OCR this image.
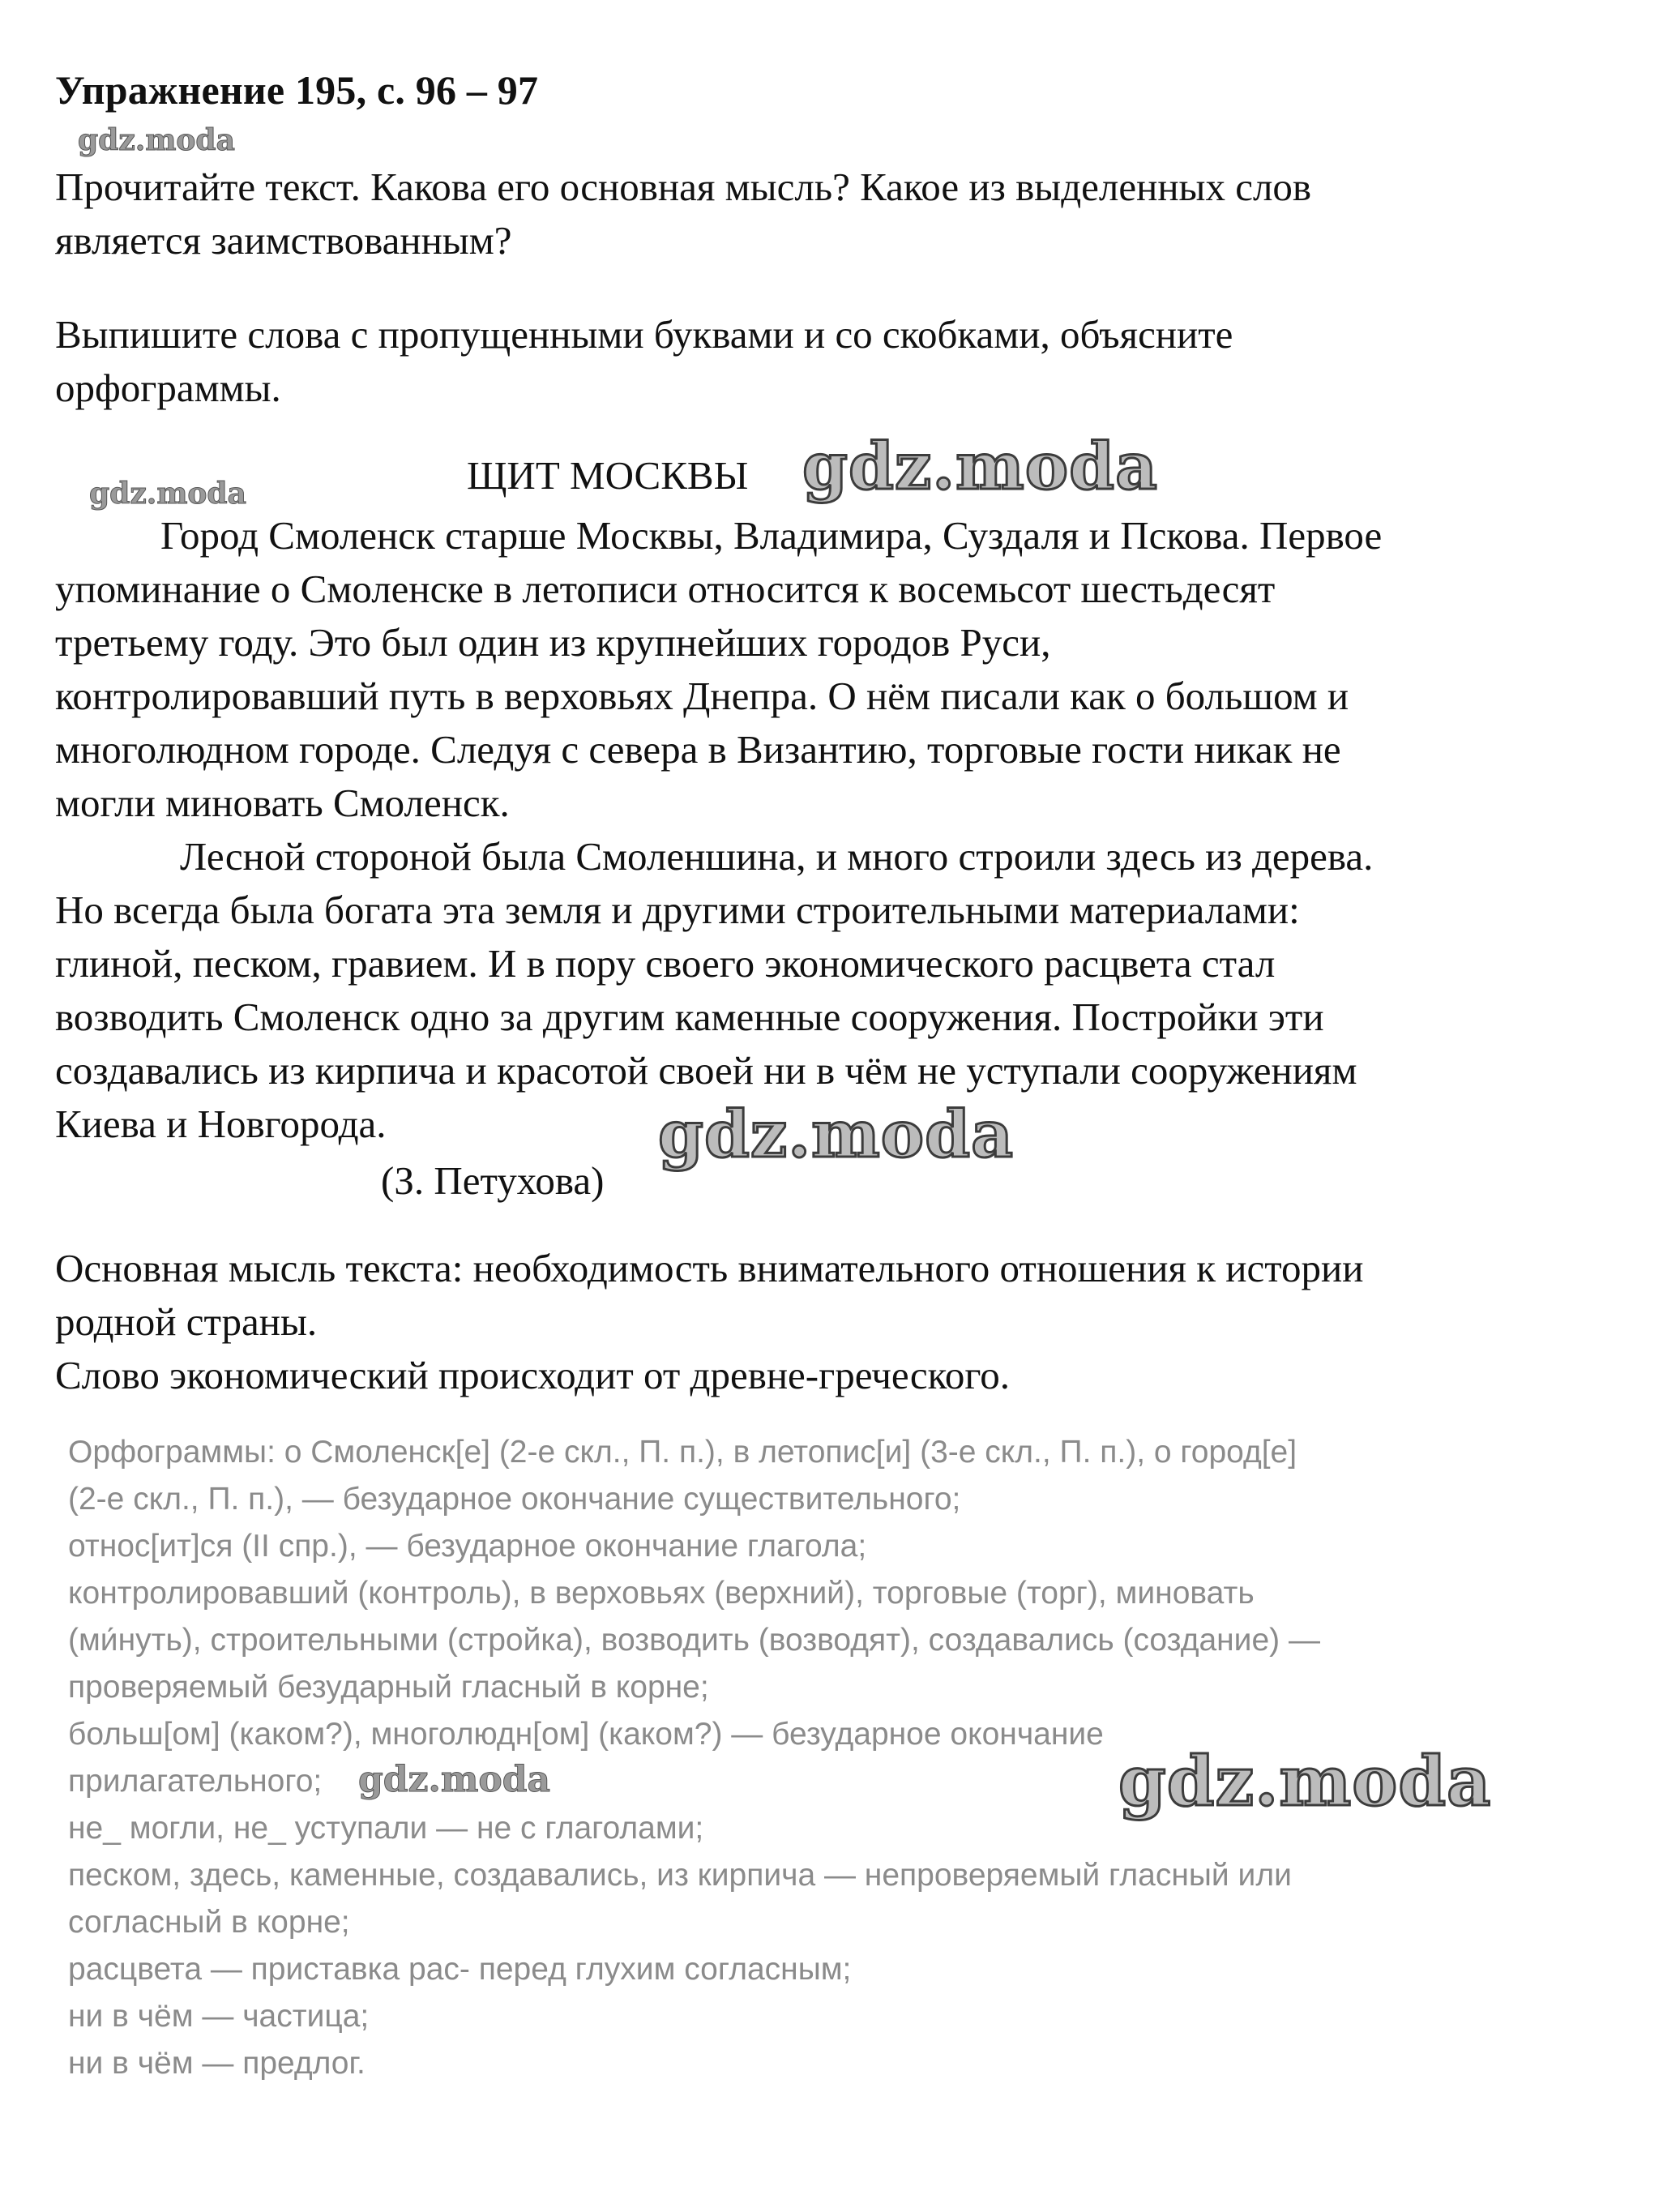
Упражнение 195, с. 96 – 97
gdz.moda
Прочитайте текст. Какова его основная мысль? Какое из выделенных слов
является заимствованным?
Выпишите слова с пропущенными буквами и со скобками, объясните
орфограммы.
ЩИТ МОСКВЫ gdz.moda
gdz.moda
Город Смоленск старше Москвы, Владимира, Суздаля и Пскова. Первое
упоминание о Смоленске в летописи относится к восемьсот шестьдесят
третьему году. Это был один из крупнейших городов Руси,
контролировавший путь в верховьях Днепра. О нём писали как о большом и
многолюдном городе. Следуя с севера в Византию, торговые гости никак не
могли миновать Смоленск.
Лесной стороной была Смоленшина, и много строили здесь из дерева.
Но всегда была богата эта земля и другими строительными материалами:
глиной, песком, гравием. И в пору своего экономического расцвета стал
возводить Смоленск одно за другим каменные сооружения. Постройки эти
создавались из кирпича и красотой своей ни в чём не уступали сооружениям
Киева и Новгорода.	gdz.moda
(З. Петухова)
Основная мысль текста: необходимость внимательного отношения к истории
родной страны.
Слово экономический происходит от древне-греческого.
Орфограммы: о Смоленск[е] (2-е скл., П. п.), в летопис[и] (3-е скл., П. п.), о город[е]
(2-е скл., П. п.), — безударное окончание существительного;
относ[ит]ся (II спр.), — безударное окончание глагола;
контролировавший (контроль), в верховьях (верхний), торговые (торг), миновать
(ми́нуть), строительными (стройка), возводить (возводят), создавались (создание) —
проверяемый безударный гласный в корне;
больш[ом] (каком?), многолюдн[ом] (каком?) — безударное окончание
прилагательного; gdz.moda	gdz.moda
не_ могли, не_ уступали — не с глаголами;
песком, здесь, каменные, создавались, из кирпича — непроверяемый гласный или
согласный в корне;
расцвета — приставка рас- перед глухим согласным;
ни в чём — частица;
ни в чём — предлог.
